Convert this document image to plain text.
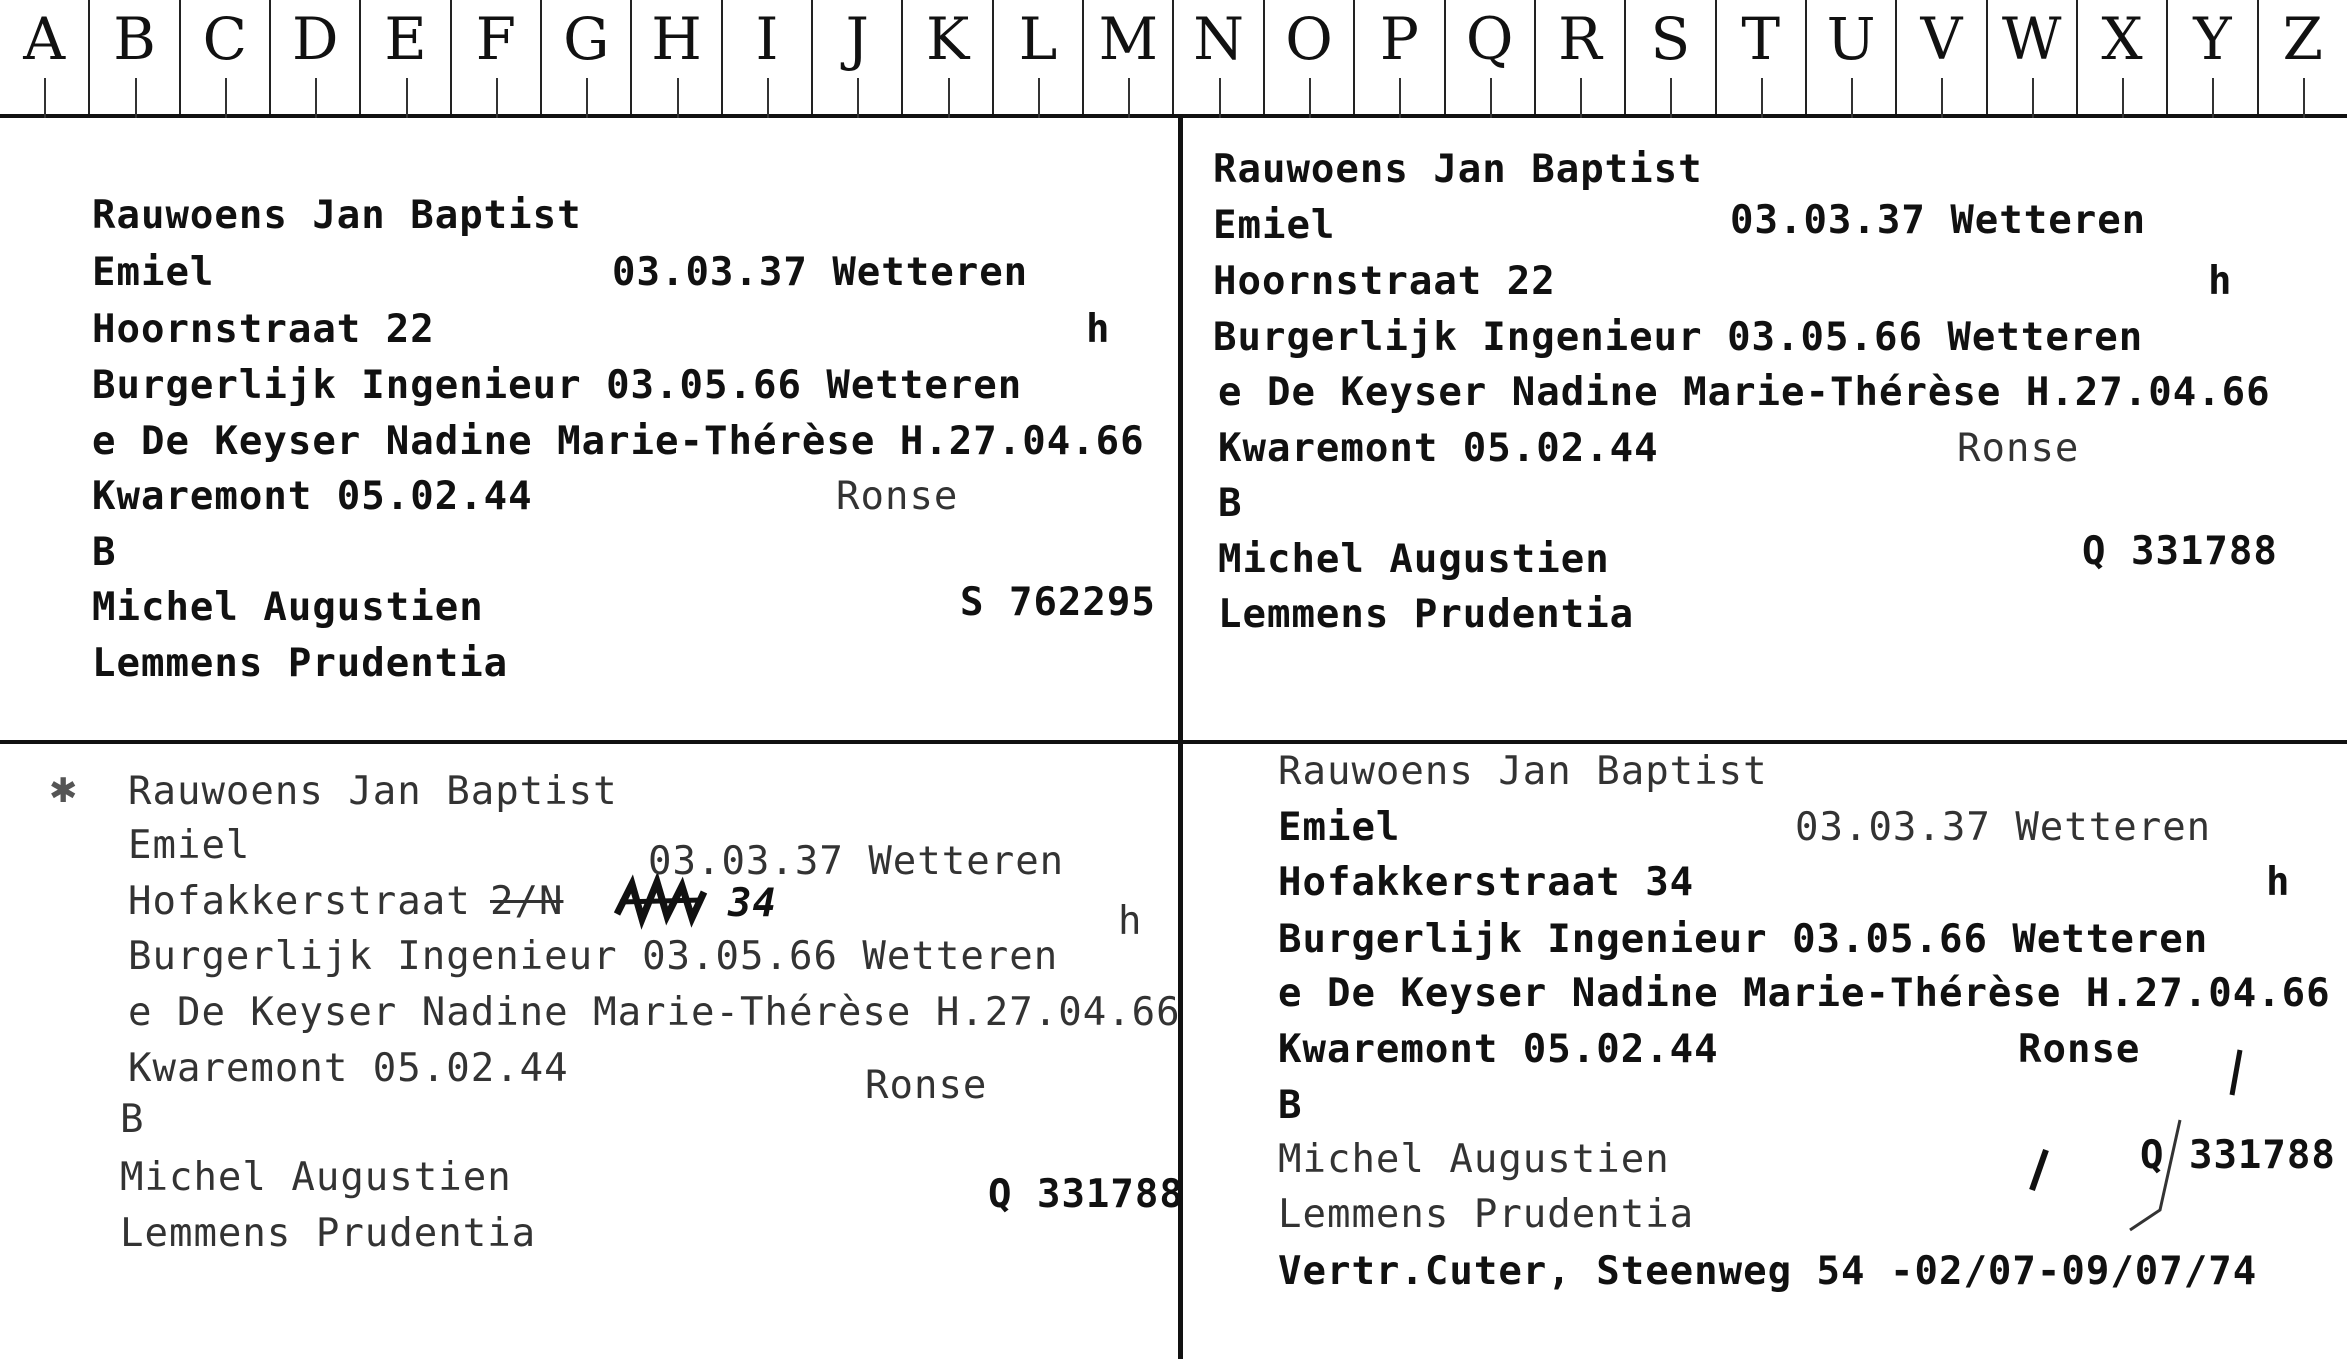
A B C D E F G H I	J K L M N O P Q R S T U V W X Y Z
Rauwoens Jan Baptist
Emiel	03.03.37 Wetteren
Hoornstraat 22	h
Burgerlijk Ingenieur 03.05.66 Wetteren
e De Keyser Nadine Marie-Thérèse H.27.04.66
Kwaremont 05.02.44	Ronse
B
Michel Augustien	S 762295
Lemmens Prudentia
Rauwoens Jan Baptist
Emiel	03.03.37 Wetteren
Hoornstraat 22	h
Burgerlijk Ingenieur 03.05.66 Wetteren
e De Keyser Nadine Marie-Thérèse H.27.04.66
Kwaremont 05.02.44	Ronse
B
Michel Augustien	Q 331788
Lemmens Prudentia
✱ Rauwoens Jan Baptist
Emiel	03.03.37 Wetteren
Hofakkerstraat 2/N	34	h
Burgerlijk Ingenieur 03.05.66 Wetteren
e De Keyser Nadine Marie-Thérèse H.27.04.66
Kwaremont 05.02.44	Ronse
B
Michel Augustien	Q 331788
Lemmens Prudentia
Rauwoens Jan Baptist
Emiel	03.03.37 Wetteren
Hofakkerstraat 34	h
Burgerlijk Ingenieur 03.05.66 Wetteren
e De Keyser Nadine Marie-Thérèse H.27.04.66
Kwaremont 05.02.44	Ronse
B
Michel Augustien	Q 331788
Lemmens Prudentia
Vertr.Cuter, Steenweg 54 -02/07-09/07/74
